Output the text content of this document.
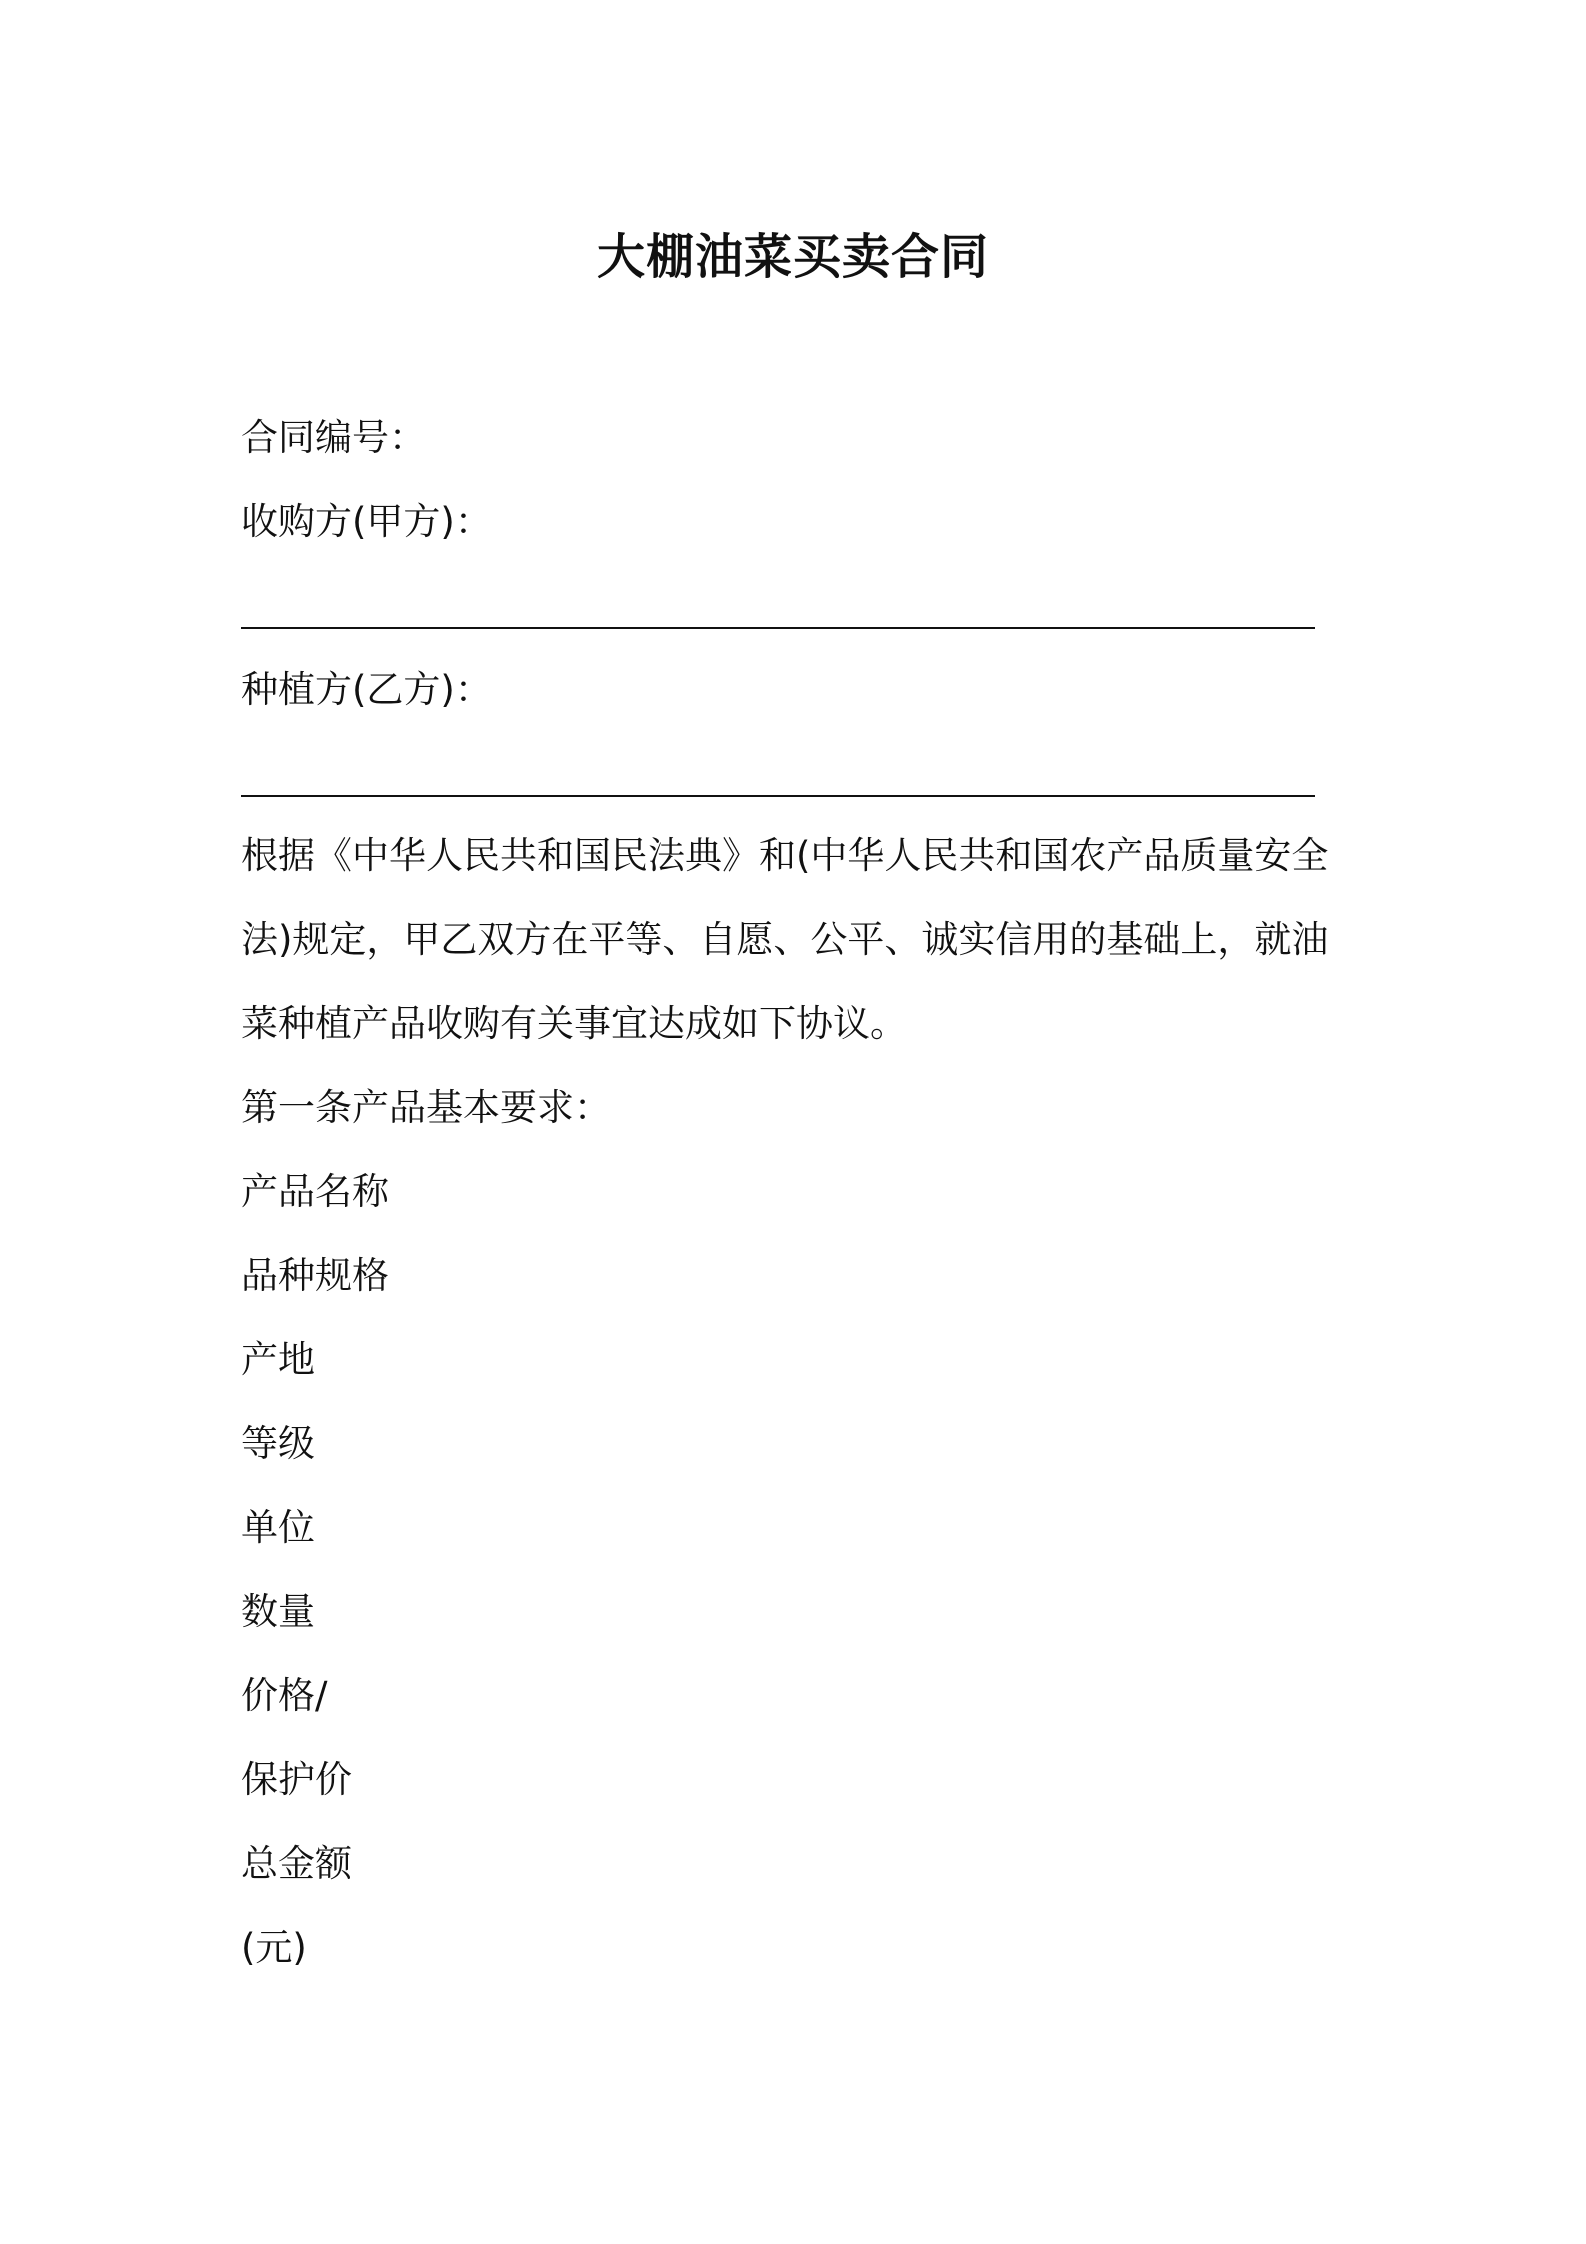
大棚油菜买卖合同
合同编号：
收购方(甲方)：
种植方(乙方)：
根据《中华人民共和国民法典》和(中华人民共和国农产品质量安全
法)规定，甲乙双方在平等、自愿、公平、诚实信用的基础上，就油
菜种植产品收购有关事宜达成如下协议。
第一条产品基本要求：
产品名称
品种规格
产地
等级
单位
数量
价格/
保护价
总金额
(元)
